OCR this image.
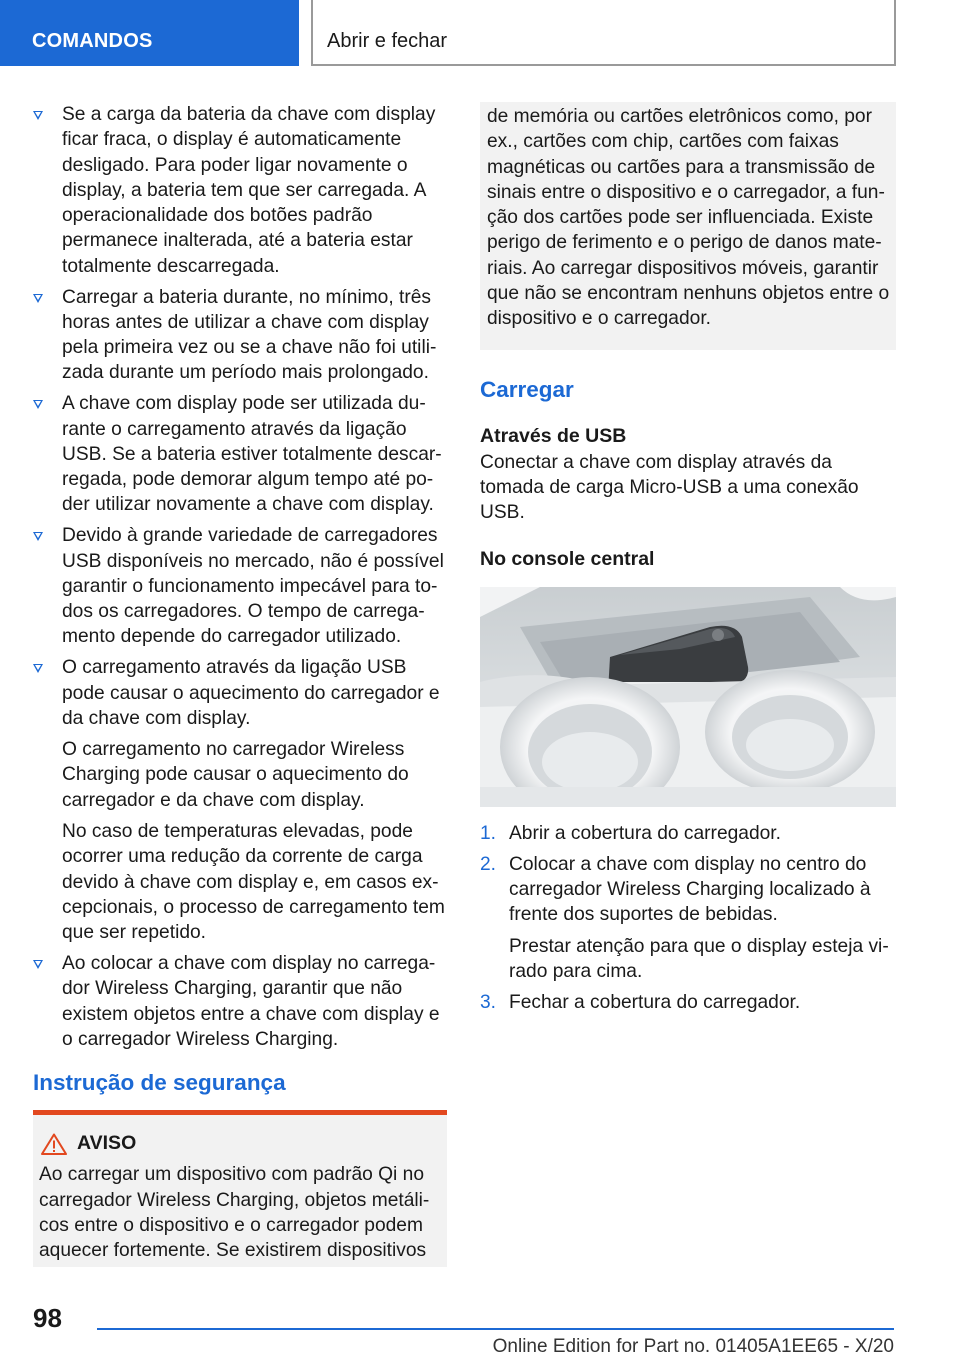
COMANDOS	Abrir e fechar

Se a carga da bateria da chave com display ficar fraca, o display é automaticamente desligado. Para poder ligar novamente o display, a bateria tem que ser carregada. A operacionalidade dos botões padrão permanece inalterada, até a bateria estar totalmente descarregada.

Carregar a bateria durante, no mínimo, três horas antes de utilizar a chave com display pela primeira vez ou se a chave não foi utilizada durante um período mais prolongado.

A chave com display pode ser utilizada durante o carregamento através da ligação USB. Se a bateria estiver totalmente descarregada, pode demorar algum tempo até poder utilizar novamente a chave com display.

Devido à grande variedade de carregadores USB disponíveis no mercado, não é possível garantir o funcionamento impecável para todos os carregadores. O tempo de carregamento depende do carregador utilizado.

O carregamento através da ligação USB pode causar o aquecimento do carregador e da chave com display.

O carregamento no carregador Wireless Charging pode causar o aquecimento do carregador e da chave com display.

No caso de temperaturas elevadas, pode ocorrer uma redução da corrente de carga devido à chave com display e, em casos excepcionais, o processo de carregamento tem que ser repetido.

Ao colocar a chave com display no carregador Wireless Charging, garantir que não existem objetos entre a chave com display e o carregador Wireless Charging.

Instrução de segurança
AVISO

Ao carregar um dispositivo com padrão Qi no carregador Wireless Charging, objetos metálicos entre o dispositivo e o carregador podem aquecer fortemente. Se existirem dispositivos

de memória ou cartões eletrônicos como, por ex., cartões com chip, cartões com faixas magnéticas ou cartões para a transmissão de sinais entre o dispositivo e o carregador, a função dos cartões pode ser influenciada. Existe perigo de ferimento e o perigo de danos materiais. Ao carregar dispositivos móveis, garantir que não se encontram nenhuns objetos entre o dispositivo e o carregador.

Carregar
Através de USB

Conectar a chave com display através da tomada de carga Micro-USB a uma conexão USB.

No console central
1. Abrir a cobertura do carregador.

2. Colocar a chave com display no centro do carregador Wireless Charging localizado à frente dos suportes de bebidas.

Prestar atenção para que o display esteja virado para cima.

3. Fechar a cobertura do carregador.

98
Online Edition for Part no. 01405A1EE65 - X/20
